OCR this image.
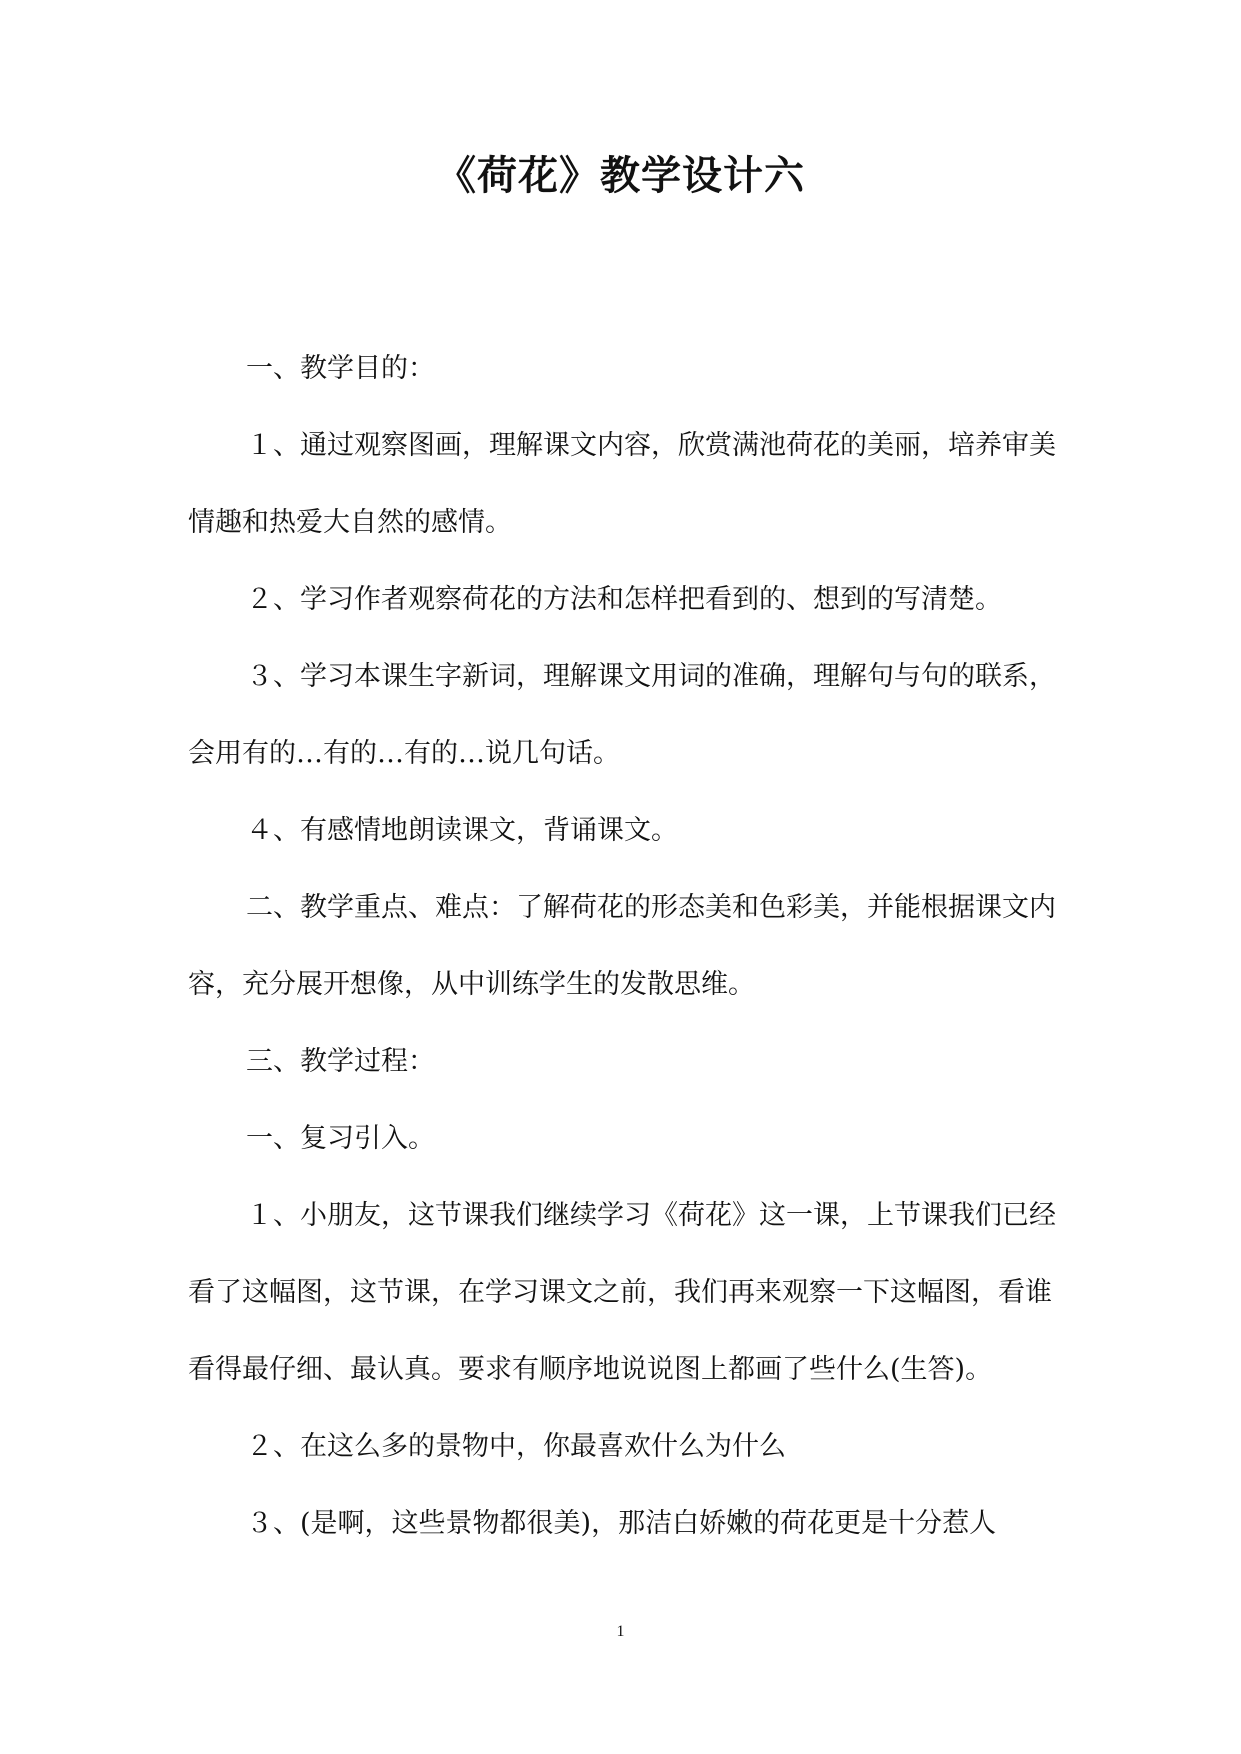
《荷花》教学设计六

一、教学目的：

１、通过观察图画，理解课文内容，欣赏满池荷花的美丽，培养审美情趣和热爱大自然的感情。

２、学习作者观察荷花的方法和怎样把看到的、想到的写清楚。

３、学习本课生字新词，理解课文用词的准确，理解句与句的联系，会用有的…有的…有的…说几句话。

４、有感情地朗读课文，背诵课文。

二、教学重点、难点：了解荷花的形态美和色彩美，并能根据课文内容，充分展开想像，从中训练学生的发散思维。

三、教学过程：

一、复习引入。

１、小朋友，这节课我们继续学习《荷花》这一课，上节课我们已经看了这幅图，这节课，在学习课文之前，我们再来观察一下这幅图，看谁看得最仔细、最认真。要求有顺序地说说图上都画了些什么(生答)。

２、在这么多的景物中，你最喜欢什么为什么

３、(是啊，这些景物都很美)，那洁白娇嫩的荷花更是十分惹人

1
